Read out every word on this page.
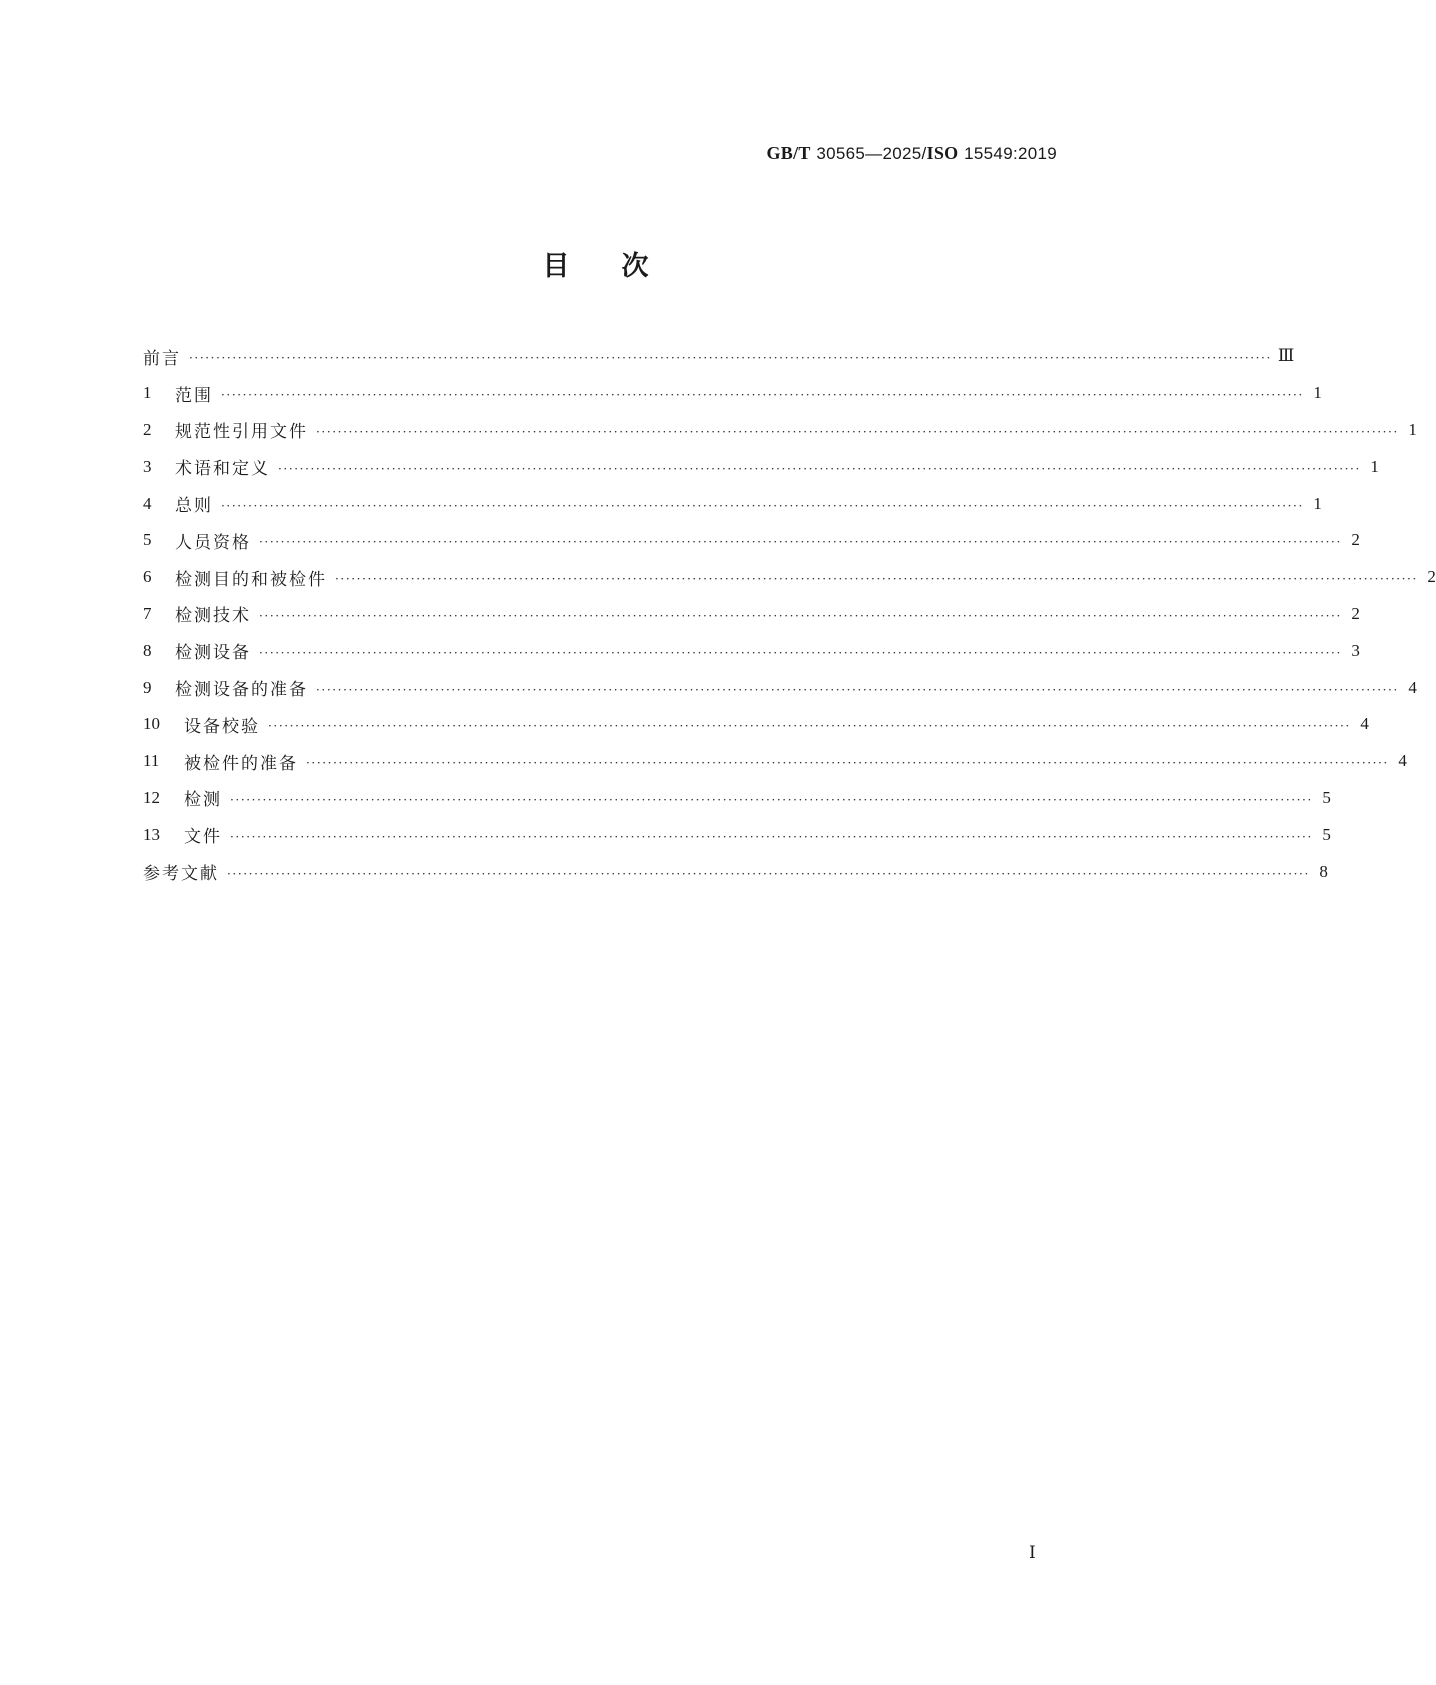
GB/T 30565—2025/ISO 15549:2019
目次
前言 ········································································································································································································ Ⅲ
1	范围 ········································································································································································································ 1
2	规范性引用文件 ········································································································································································································ 1
3	术语和定义 ········································································································································································································ 1
4	总则 ········································································································································································································ 1
5	人员资格 ········································································································································································································ 2
6	检测目的和被检件 ········································································································································································································ 2
7	检测技术 ········································································································································································································ 2
8	检测设备 ········································································································································································································ 3
9	检测设备的准备 ········································································································································································································ 4
10	设备校验 ········································································································································································································ 4
11	被检件的准备 ········································································································································································································ 4
12	检测 ········································································································································································································ 5
13	文件 ········································································································································································································ 5
参考文献 ········································································································································································································ 8
Ⅰ
